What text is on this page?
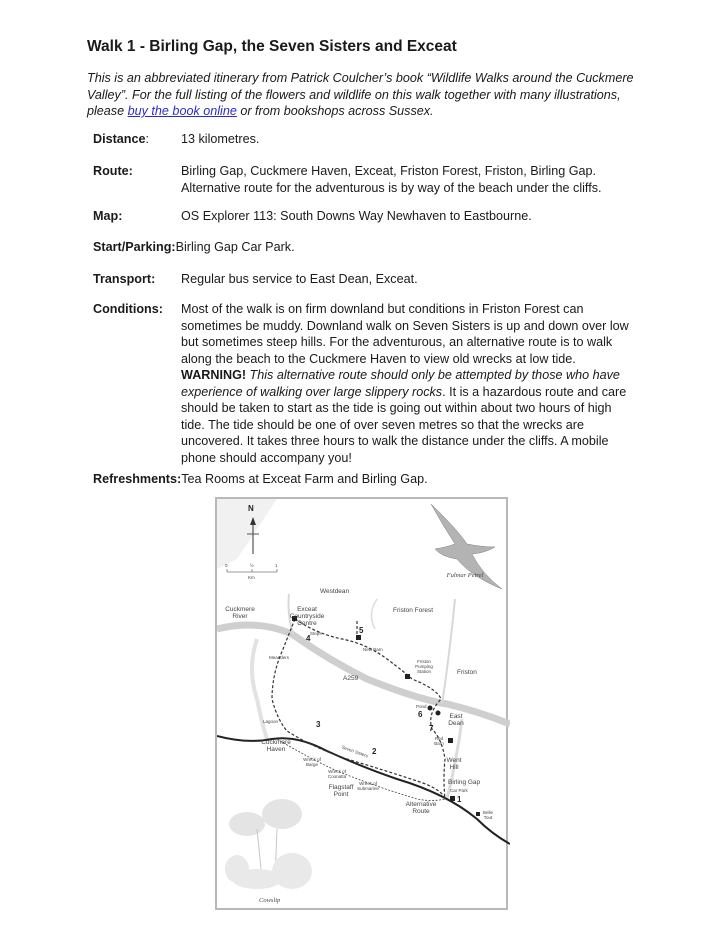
Walk 1 - Birling Gap, the Seven Sisters and Exceat
This is an abbreviated itinerary from Patrick Coulcher’s book “Wildlife Walks around the Cuckmere Valley”. For the full listing of the flowers and wildlife on this walk together with many illustrations, please buy the book online or from bookshops across Sussex.
Distance:	13 kilometres.
Route:	Birling Gap, Cuckmere Haven, Exceat, Friston Forest, Friston, Birling Gap. Alternative route for the adventurous is by way of the beach under the cliffs.
Map:	OS Explorer 113: South Downs Way Newhaven to Eastbourne.
Start/Parking:Birling Gap Car Park.
Transport: Regular bus service to East Dean, Exceat.
Conditions: Most of the walk is on firm downland but conditions in Friston Forest can sometimes be muddy. Downland walk on Seven Sisters is up and down over low but sometimes steep hills. For the adventurous, an alternative route is to walk along the beach to the Cuckmere Haven to view old wrecks at low tide. WARNING! This alternative route should only be attempted by those who have experience of walking over large slippery rocks. It is a hazardous route and care should be taken to start as the tide is going out within about two hours of high tide. The tide should be one of over seven metres so that the wrecks are uncovered. It takes three hours to walk the distance under the cliffs. A mobile phone should accompany you!
Refreshments:Tea Rooms at Exceat Farm and Birling Gap.
N
0	½	1
Km	Fulmar Petrel
Westdean
Cuckmere River
Exceat Countryside Centre
Friston Forest
Steps
4
5
New Barn
Meanders
Friston Pumping Station	Friston
A259
Pond
6	East Dean
Lagoon	3	7
Red Barn
Cuckmere Haven	2
Seven Sisters
Wreck of Barge
Went Hill
Wreck of Coonatta
Wreck of Submarine
Birling Gap
Car Park
Flagstaff Point
1
Alternative Route	Belle Tout
Cowslip
